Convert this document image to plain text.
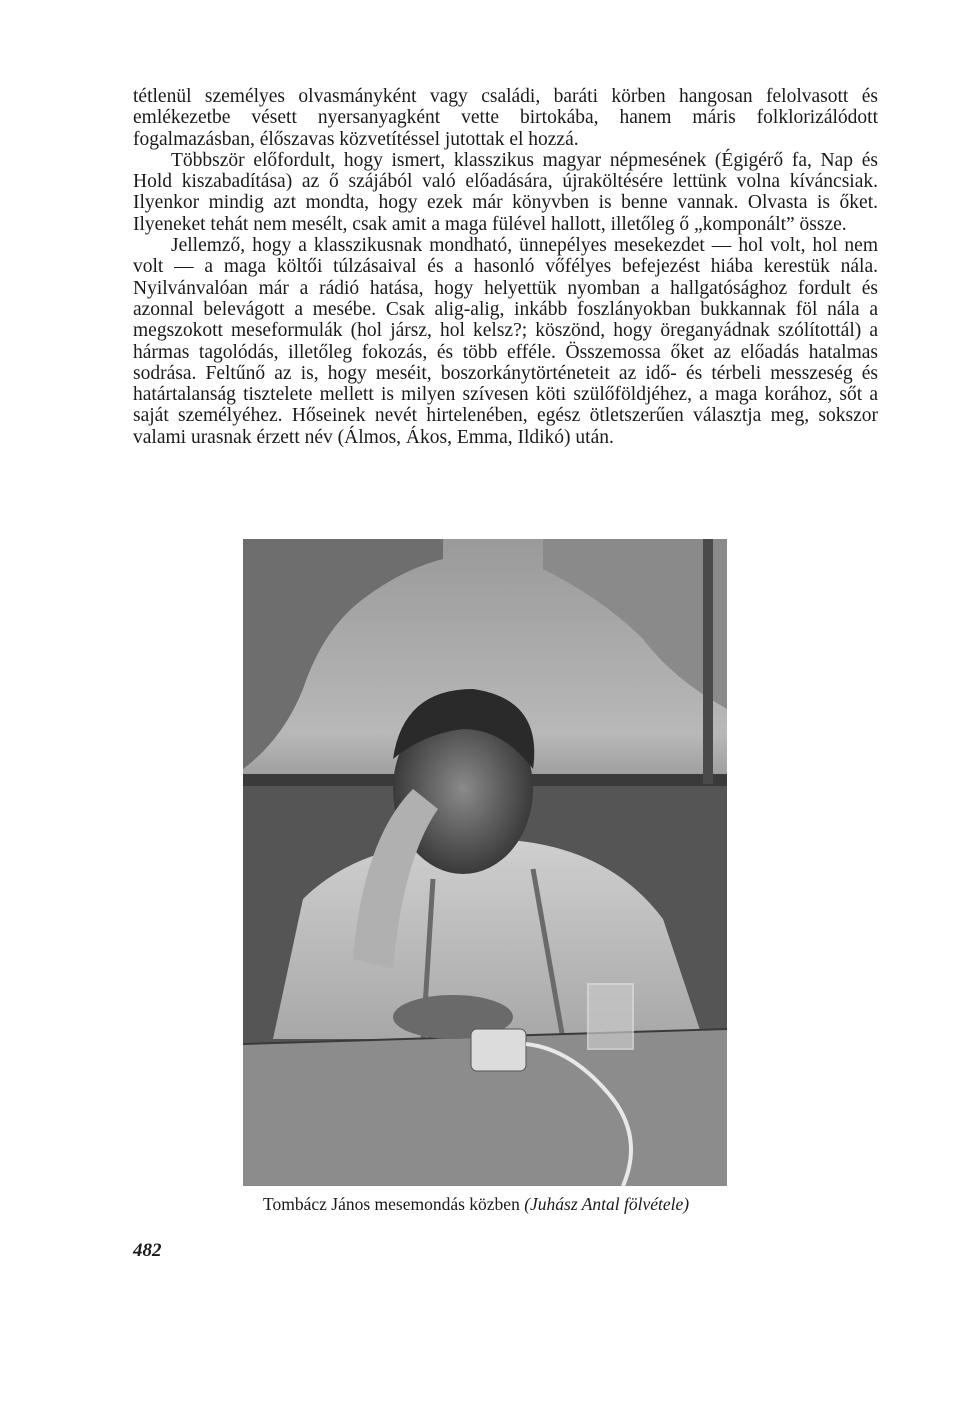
tétlenül személyes olvasmányként vagy családi, baráti körben hangosan felolvasott és emlékezetbe vésett nyersanyagként vette birtokába, hanem máris folklorizálódott fogalmazásban, élőszavas közvetítéssel jutottak el hozzá.

Többször előfordult, hogy ismert, klasszikus magyar népmesének (Égigérő fa, Nap és Hold kiszabadítása) az ő szájából való előadására, újraköltésére lettünk volna kíváncsiak. Ilyenkor mindig azt mondta, hogy ezek már könyvben is benne vannak. Olvasta is őket. Ilyeneket tehát nem mesélt, csak amit a maga fülével hallott, illetőleg ő „komponált” össze.

Jellemző, hogy a klasszikusnak mondható, ünnepélyes mesekezdet — hol volt, hol nem volt — a maga költői túlzásaival és a hasonló vőfélyes befejezést hiába kerestük nála. Nyilvánvalóan már a rádió hatása, hogy helyettük nyomban a hallgatósághoz fordult és azonnal belevágott a mesébe. Csak alig-alig, inkább foszlányokban bukkannak föl nála a megszokott meseformulák (hol jársz, hol kelsz?; köszönd, hogy öreganyádnak szólítottál) a hármas tagolódás, illetőleg fokozás, és több efféle. Összemossa őket az előadás hatalmas sodrása. Feltűnő az is, hogy meséit, boszorkánytörténeteit az idő- és térbeli messzeség és határtalanság tisztelete mellett is milyen szívesen köti szülőföldjéhez, a maga korához, sőt a saját személyéhez. Hőseinek nevét hirtelenében, egész ötletszerűen választja meg, sokszor valami urasnak érzett név (Álmos, Ákos, Emma, Ildikó) után.

Tombácz János mesemondás közben (Juhász Antal fölvétele)
482
